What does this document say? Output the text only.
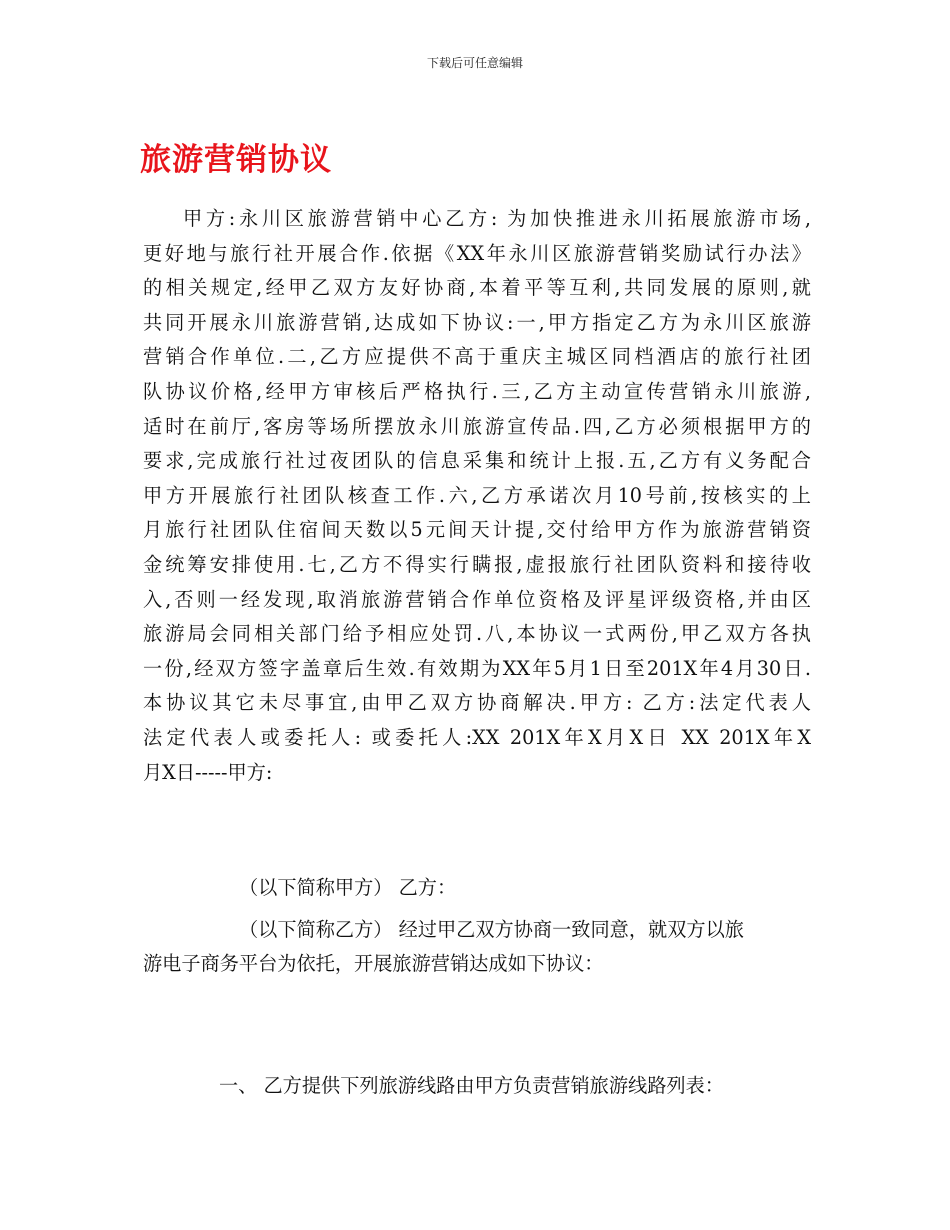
下载后可任意编辑
旅游营销协议
甲方:永川区旅游营销中心乙方: 为加快推进永川拓展旅游市场,
更好地与旅行社开展合作.依据《XX年永川区旅游营销奖励试行办法》
的相关规定,经甲乙双方友好协商,本着平等互利,共同发展的原则,就
共同开展永川旅游营销,达成如下协议:一,甲方指定乙方为永川区旅游
营销合作单位.二,乙方应提供不高于重庆主城区同档酒店的旅行社团
队协议价格,经甲方审核后严格执行.三,乙方主动宣传营销永川旅游,
适时在前厅,客房等场所摆放永川旅游宣传品.四,乙方必须根据甲方的
要求,完成旅行社过夜团队的信息采集和统计上报.五,乙方有义务配合
甲方开展旅行社团队核查工作.六,乙方承诺次月10号前,按核实的上
月旅行社团队住宿间天数以5元间天计提,交付给甲方作为旅游营销资
金统筹安排使用.七,乙方不得实行瞒报,虚报旅行社团队资料和接待收
入,否则一经发现,取消旅游营销合作单位资格及评星评级资格,并由区
旅游局会同相关部门给予相应处罚.八,本协议一式两份,甲乙双方各执
一份,经双方签字盖章后生效.有效期为XX年5月1日至201X年4月30日.
本协议其它未尽事宜,由甲乙双方协商解决.甲方: 乙方:法定代表人
法定代表人或委托人: 或委托人:XX 201X年X月X日 XX 201X年X
月X日-----甲方:
（以下简称甲方） 乙方：
（以下简称乙方） 经过甲乙双方协商一致同意，就双方以旅
游电子商务平台为依托，开展旅游营销达成如下协议：
一、 乙方提供下列旅游线路由甲方负责营销旅游线路列表：
